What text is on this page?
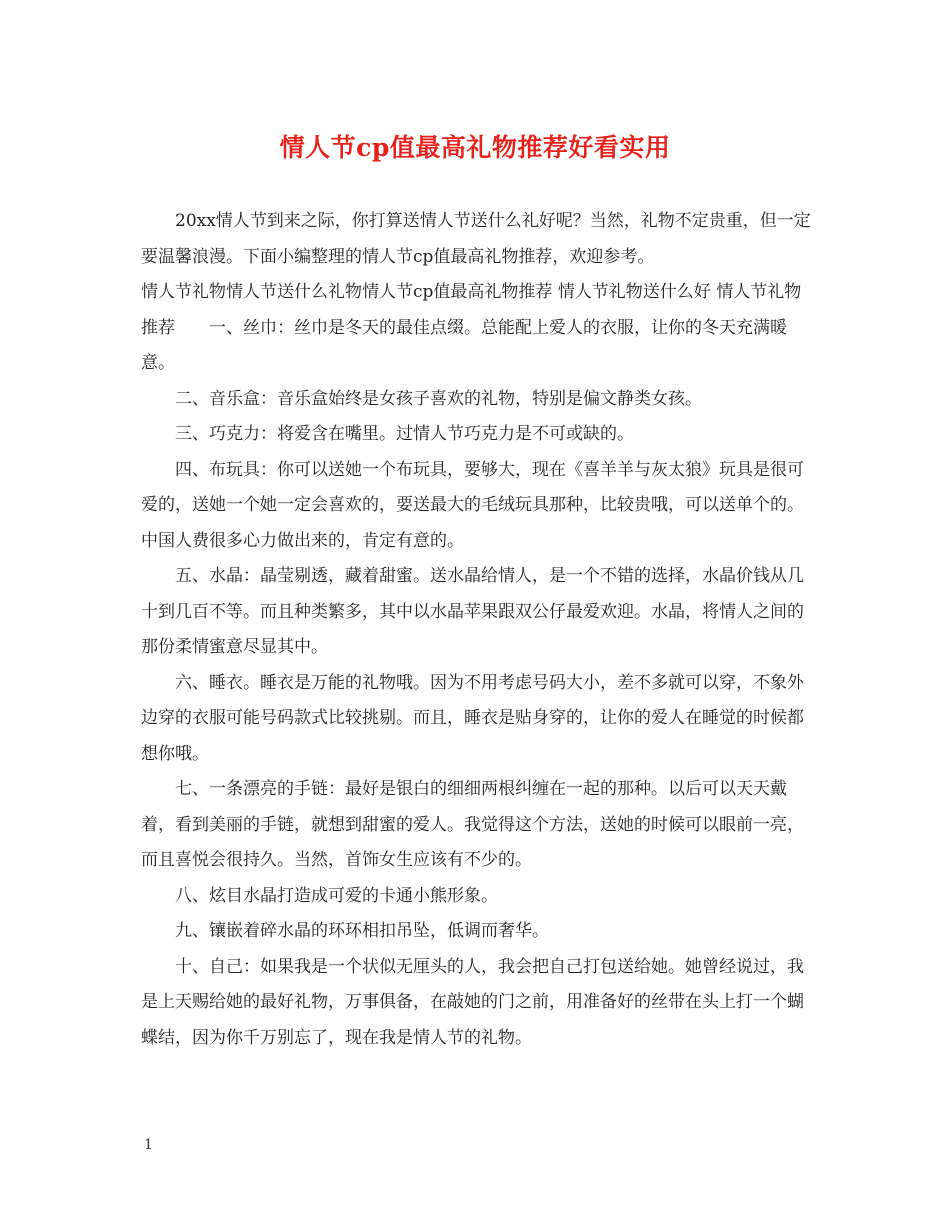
情人节cp值最高礼物推荐好看实用

20xx情人节到来之际，你打算送情人节送什么礼好呢？当然，礼物不定贵重，但一定要温馨浪漫。下面小编整理的情人节cp值最高礼物推荐，欢迎参考。

情人节礼物情人节送什么礼物情人节cp值最高礼物推荐 情人节礼物送什么好 情人节礼物推荐 一、丝巾：丝巾是冬天的最佳点缀。总能配上爱人的衣服，让你的冬天充满暖意。

二、音乐盒：音乐盒始终是女孩子喜欢的礼物，特别是偏文静类女孩。

三、巧克力：将爱含在嘴里。过情人节巧克力是不可或缺的。

四、布玩具：你可以送她一个布玩具，要够大，现在《喜羊羊与灰太狼》玩具是很可爱的，送她一个她一定会喜欢的，要送最大的毛绒玩具那种，比较贵哦，可以送单个的。中国人费很多心力做出来的，肯定有意的。

五、水晶：晶莹剔透，藏着甜蜜。送水晶给情人，是一个不错的选择，水晶价钱从几十到几百不等。而且种类繁多，其中以水晶苹果跟双公仔最爱欢迎。水晶，将情人之间的那份柔情蜜意尽显其中。

六、睡衣。睡衣是万能的礼物哦。因为不用考虑号码大小，差不多就可以穿，不象外边穿的衣服可能号码款式比较挑剔。而且，睡衣是贴身穿的，让你的爱人在睡觉的时候都想你哦。

七、一条漂亮的手链：最好是银白的细细两根纠缠在一起的那种。以后可以天天戴着，看到美丽的手链，就想到甜蜜的爱人。我觉得这个方法，送她的时候可以眼前一亮，而且喜悦会很持久。当然，首饰女生应该有不少的。

八、炫目水晶打造成可爱的卡通小熊形象。

九、镶嵌着碎水晶的环环相扣吊坠，低调而奢华。

十、自己：如果我是一个状似无厘头的人，我会把自己打包送给她。她曾经说过，我是上天赐给她的最好礼物，万事俱备，在敲她的门之前，用准备好的丝带在头上打一个蝴蝶结，因为你千万别忘了，现在我是情人节的礼物。

1
